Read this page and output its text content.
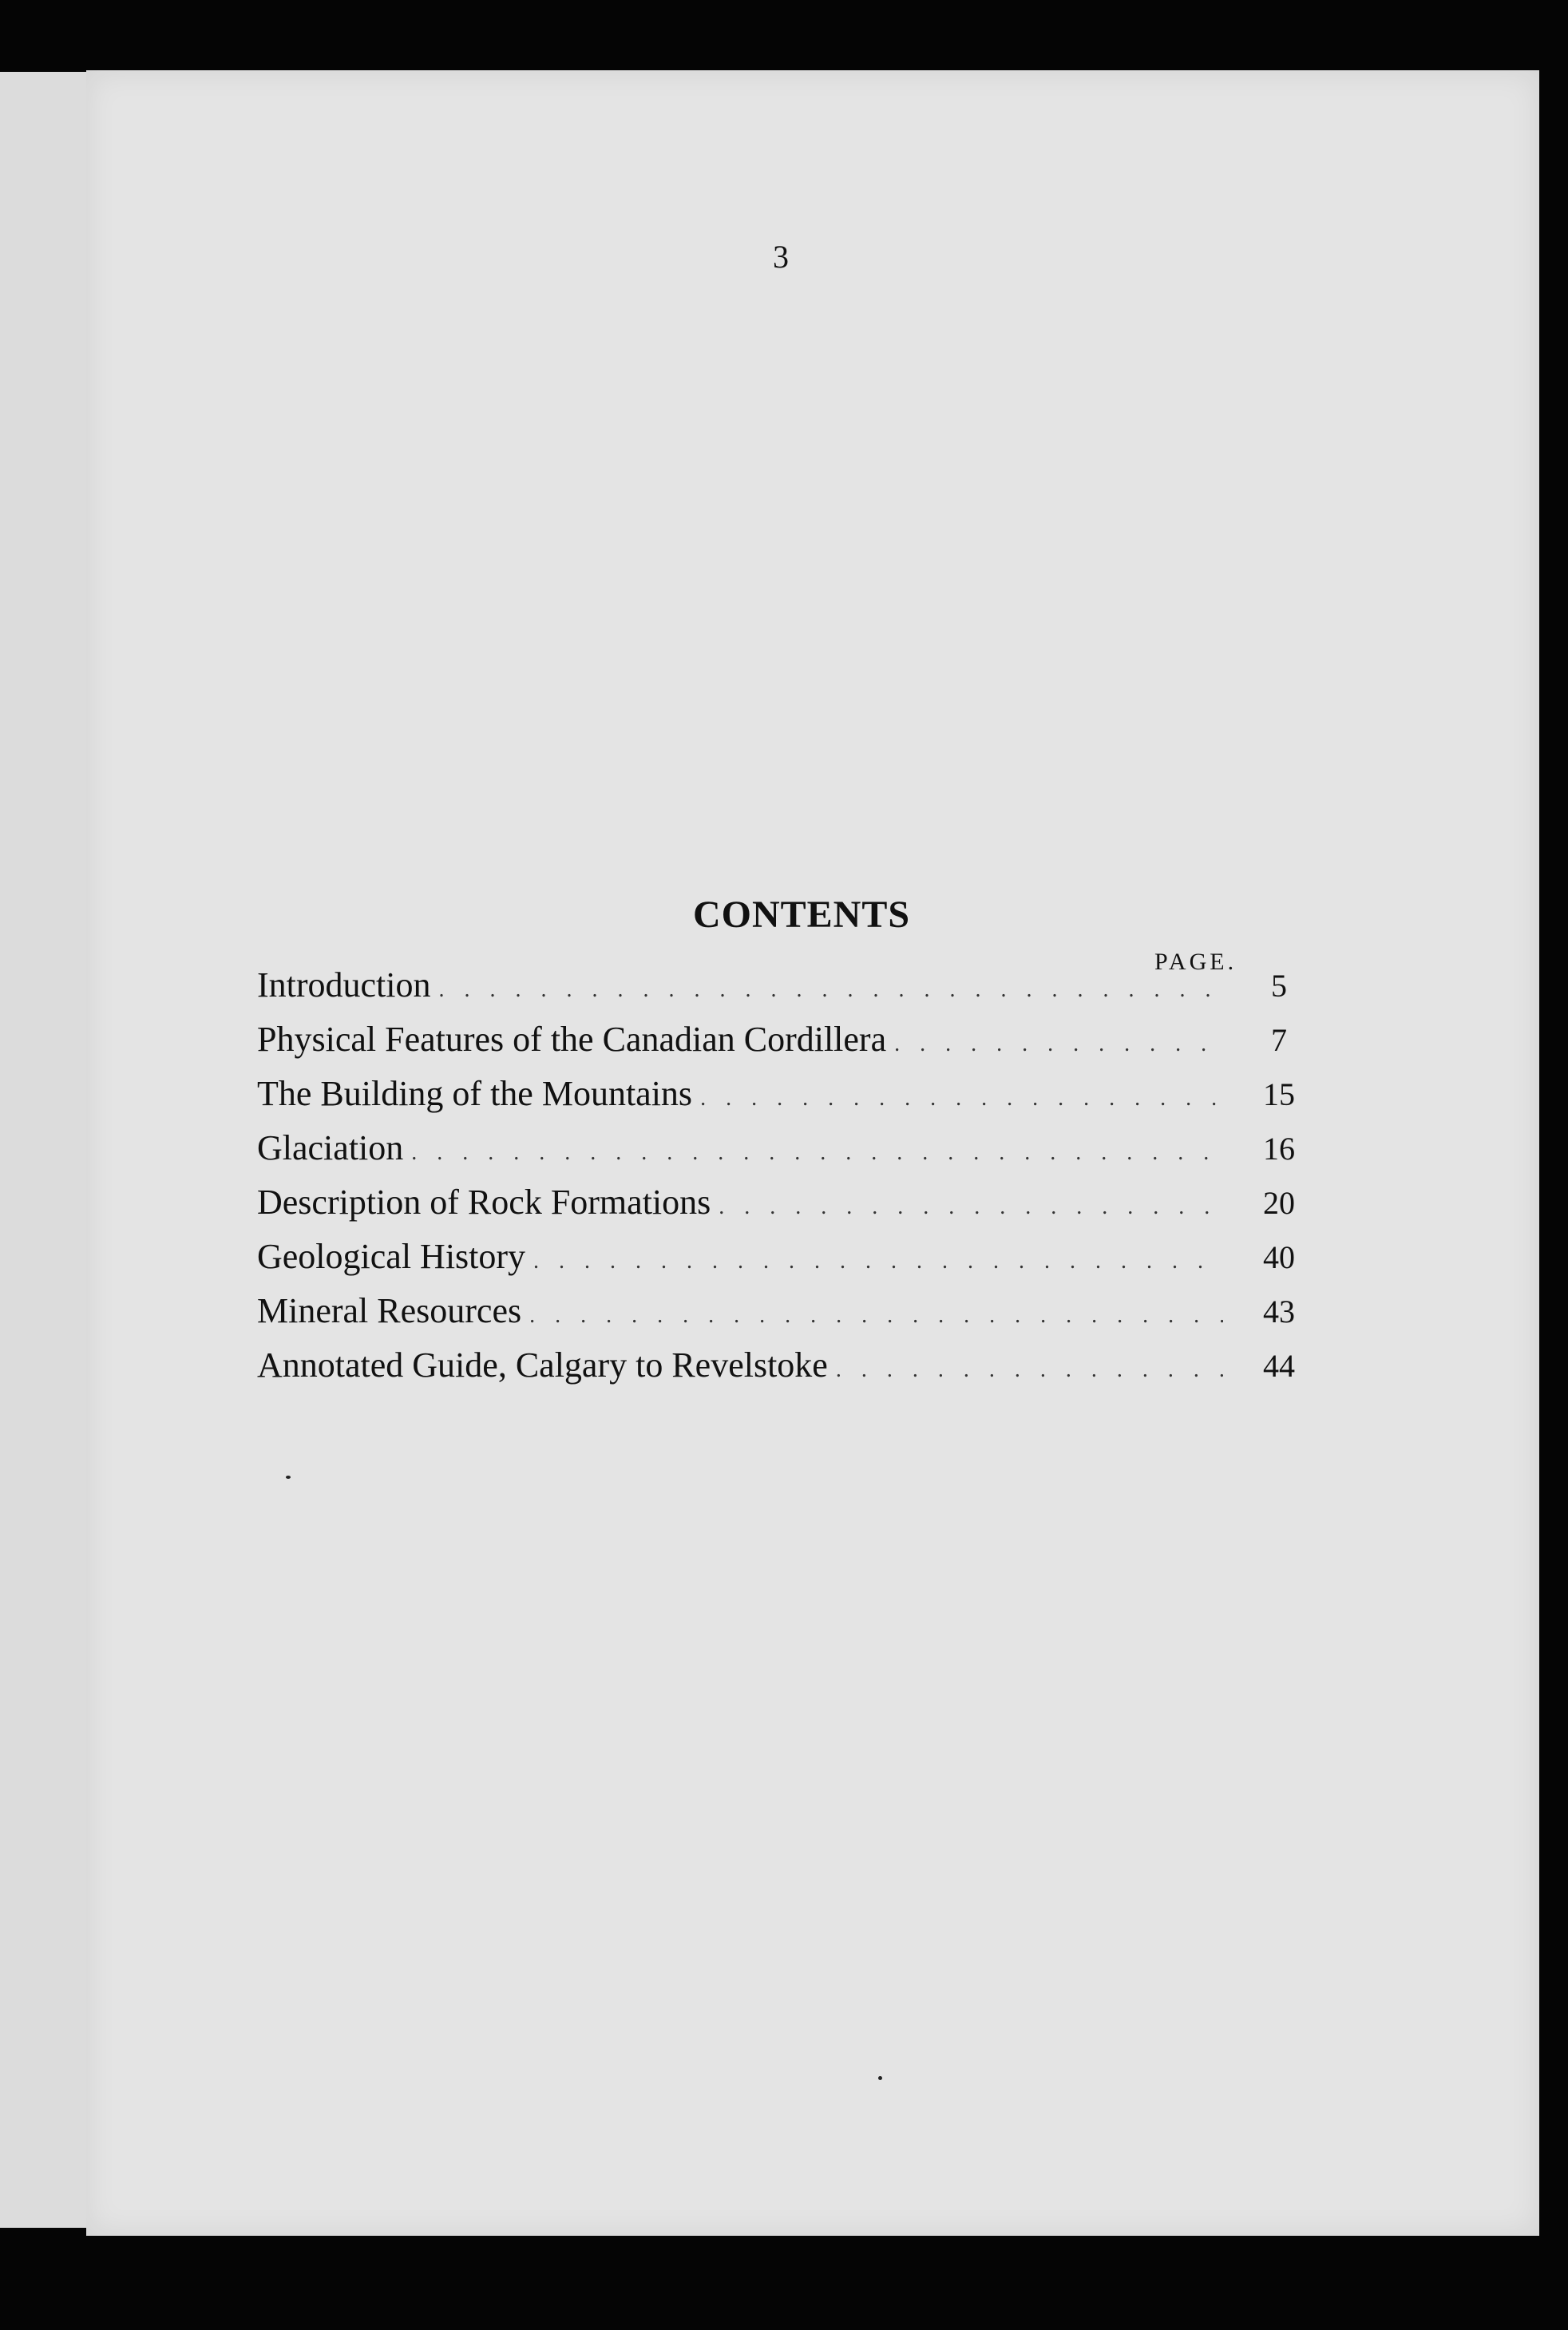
3
CONTENTS
PAGE.
Introduction . . .	5
Physical Features of the Canadian Cordillera . . .	7
The Building of the Mountains . . .	15
Glaciation . . .	16
Description of Rock Formations . . .	20
Geological History . . .	40
Mineral Resources . . .	43
Annotated Guide, Calgary to Revelstoke . . .	44
